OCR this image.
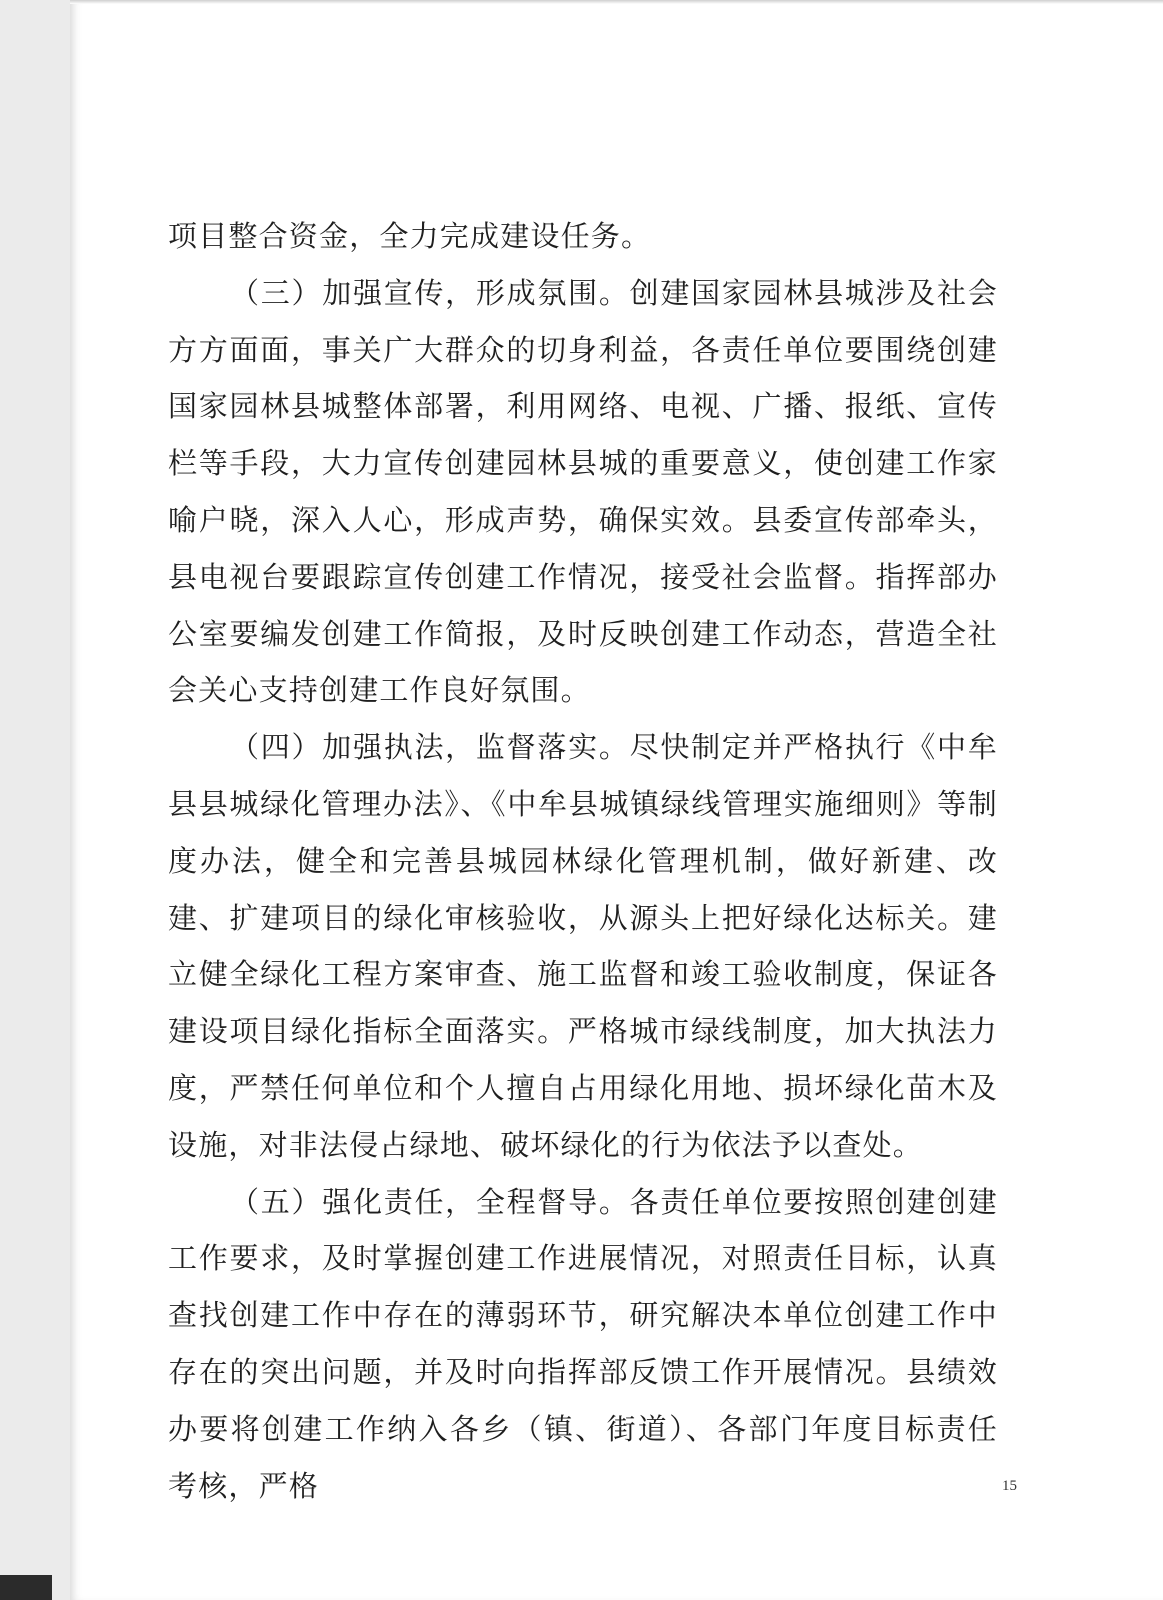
项目整合资金，全力完成建设任务。

（三）加强宣传，形成氛围。创建国家园林县城涉及社会方方面面，事关广大群众的切身利益，各责任单位要围绕创建国家园林县城整体部署，利用网络、电视、广播、报纸、宣传栏等手段，大力宣传创建园林县城的重要意义，使创建工作家喻户晓，深入人心，形成声势，确保实效。县委宣传部牵头，县电视台要跟踪宣传创建工作情况，接受社会监督。指挥部办公室要编发创建工作简报，及时反映创建工作动态，营造全社会关心支持创建工作良好氛围。

（四）加强执法，监督落实。尽快制定并严格执行《中牟县县城绿化管理办法》、《中牟县城镇绿线管理实施细则》等制度办法，健全和完善县城园林绿化管理机制，做好新建、改建、扩建项目的绿化审核验收，从源头上把好绿化达标关。建立健全绿化工程方案审查、施工监督和竣工验收制度，保证各建设项目绿化指标全面落实。严格城市绿线制度，加大执法力度，严禁任何单位和个人擅自占用绿化用地、损坏绿化苗木及设施，对非法侵占绿地、破坏绿化的行为依法予以查处。

（五）强化责任，全程督导。各责任单位要按照创建创建工作要求，及时掌握创建工作进展情况，对照责任目标，认真查找创建工作中存在的薄弱环节，研究解决本单位创建工作中存在的突出问题，并及时向指挥部反馈工作开展情况。县绩效办要将创建工作纳入各乡（镇、街道）、各部门年度目标责任考核，严格	15
